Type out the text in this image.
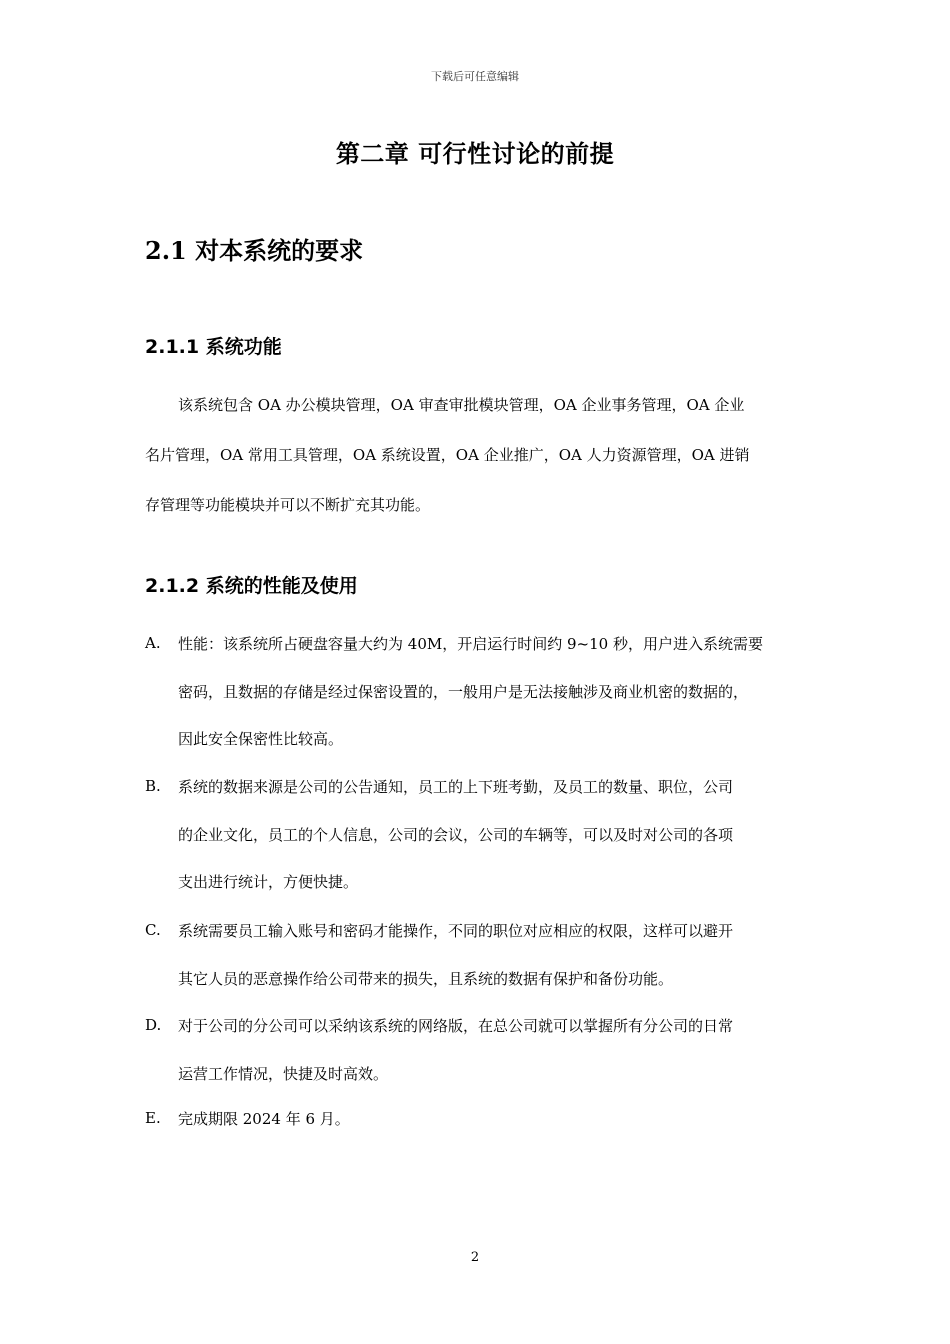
下载后可任意编辑
第二章 可行性讨论的前提
2.1 对本系统的要求
2.1.1 系统功能
该系统包含 OA 办公模块管理，OA 审查审批模块管理，OA 企业事务管理，OA 企业
名片管理，OA 常用工具管理，OA 系统设置，OA 企业推广，OA 人力资源管理，OA 进销
存管理等功能模块并可以不断扩充其功能。
2.1.2 系统的性能及使用
A. 性能：该系统所占硬盘容量大约为 40M，开启运行时间约 9~10 秒，用户进入系统需要
密码，且数据的存储是经过保密设置的，一般用户是无法接触涉及商业机密的数据的，
因此安全保密性比较高。
B. 系统的数据来源是公司的公告通知，员工的上下班考勤，及员工的数量、职位，公司
的企业文化，员工的个人信息，公司的会议，公司的车辆等，可以及时对公司的各项
支出进行统计，方便快捷。
C. 系统需要员工输入账号和密码才能操作，不同的职位对应相应的权限，这样可以避开
其它人员的恶意操作给公司带来的损失，且系统的数据有保护和备份功能。
D. 对于公司的分公司可以采纳该系统的网络版，在总公司就可以掌握所有分公司的日常
运营工作情况，快捷及时高效。
E. 完成期限 2024 年 6 月。
2
